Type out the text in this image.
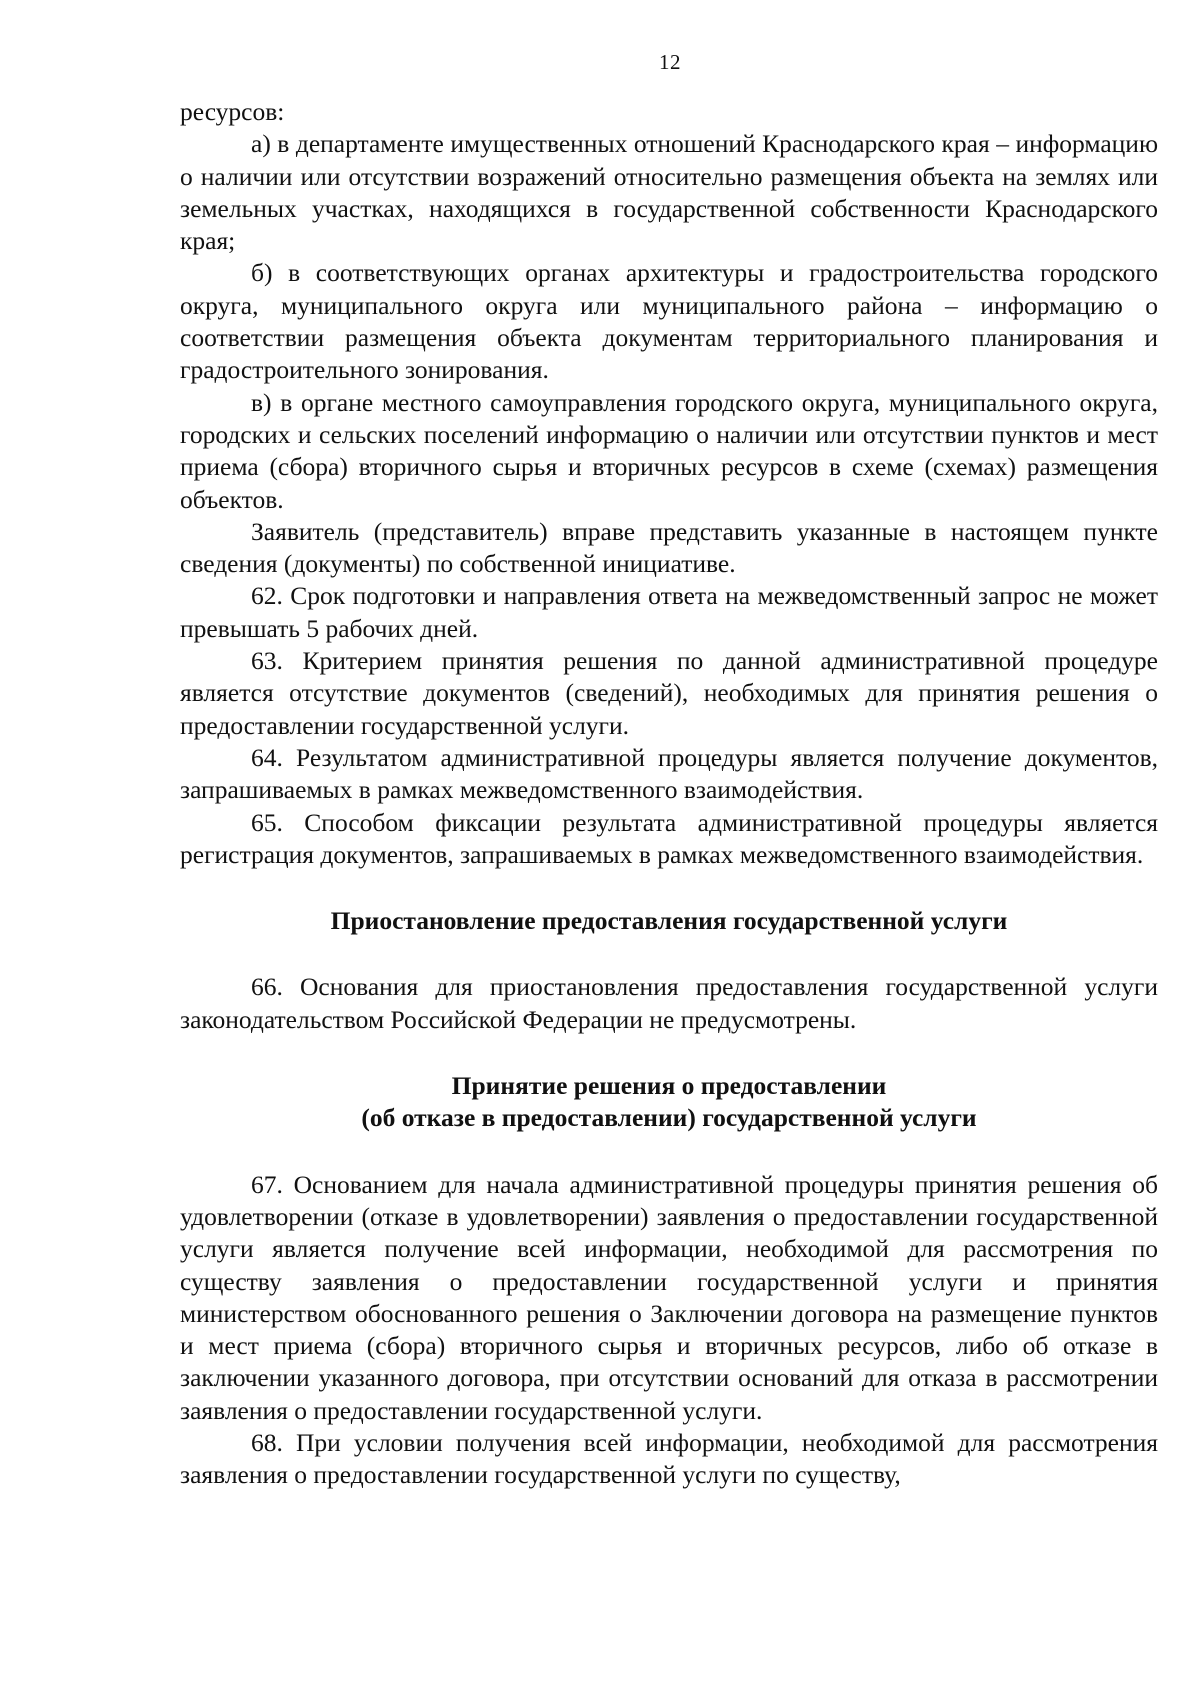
12

ресурсов:

а) в департаменте имущественных отношений Краснодарского края – информацию о наличии или отсутствии возражений относительно размещения объекта на землях или земельных участках, находящихся в государственной собственности Краснодарского края;

б) в соответствующих органах архитектуры и градостроительства городского округа, муниципального округа или муниципального района – информацию о соответствии размещения объекта документам территориального планирования и градостроительного зонирования.

в) в органе местного самоуправления городского округа, муниципального округа, городских и сельских поселений информацию о наличии или отсутствии пунктов и мест приема (сбора) вторичного сырья и вторичных ресурсов в схеме (схемах) размещения объектов.

Заявитель (представитель) вправе представить указанные в настоящем пункте сведения (документы) по собственной инициативе.

62. Срок подготовки и направления ответа на межведомственный запрос не может превышать 5 рабочих дней.

63. Критерием принятия решения по данной административной процедуре является отсутствие документов (сведений), необходимых для принятия решения о предоставлении государственной услуги.

64. Результатом административной процедуры является получение документов, запрашиваемых в рамках межведомственного взаимодействия.

65. Способом фиксации результата административной процедуры является регистрация документов, запрашиваемых в рамках межведомственного взаимодействия.

Приостановление предоставления государственной услуги

66. Основания для приостановления предоставления государственной услуги законодательством Российской Федерации не предусмотрены.

Принятие решения о предоставлении
(об отказе в предоставлении) государственной услуги

67. Основанием для начала административной процедуры принятия решения об удовлетворении (отказе в удовлетворении) заявления о предоставлении государственной услуги является получение всей информации, необходимой для рассмотрения по существу заявления о предоставлении государственной услуги и принятия министерством обоснованного решения о Заключении договора на размещение пунктов и мест приема (сбора) вторичного сырья и вторичных ресурсов, либо об отказе в заключении указанного договора, при отсутствии оснований для отказа в рассмотрении заявления о предоставлении государственной услуги.

68. При условии получения всей информации, необходимой для рассмотрения заявления о предоставлении государственной услуги по существу,
